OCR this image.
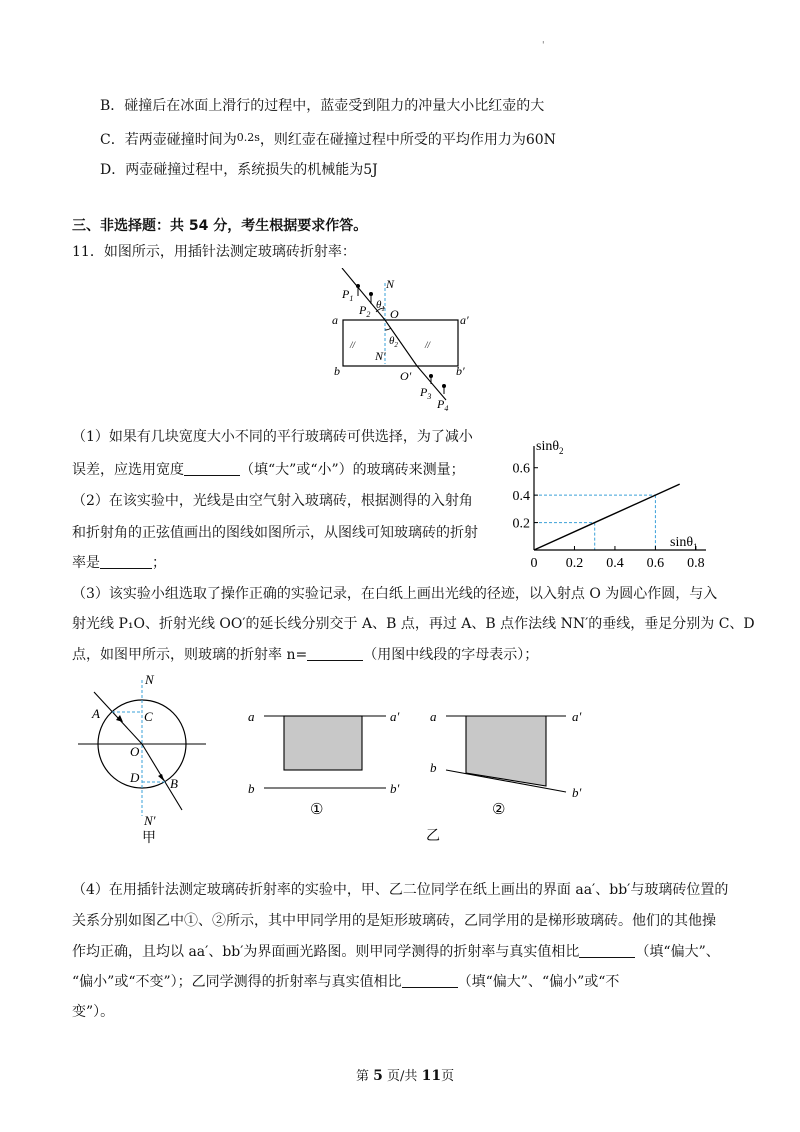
'
B．碰撞后在冰面上滑行的过程中，蓝壶受到阻力的冲量大小比红壶的大
C．若两壶碰撞时间为$^{0.2s}$，则红壶在碰撞过程中所受的平均作用力为60N
D．两壶碰撞过程中，系统损失的机械能为5J
三、非选择题：共 54 分，考生根据要求作答。
11．如图所示，用插针法测定玻璃砖折射率：
$P_1$
$P_2$
N
$\theta_1$ O
a	a′
//	//
$\theta_2$
N′
b	b′
O′
$P_3$
$P_4$
（1）如果有几块宽度大小不同的平行玻璃砖可供选择，为了减小
误差，应选用宽度	（填“大”或“小”）的玻璃砖来测量；
（2）在该实验中，光线是由空气射入玻璃砖，根据测得的入射角
和折射角的正弦值画出的图线如图所示，从图线可知玻璃砖的折射
率是	；	0 0.2 0.4 0.6 0.8
0.2
0.4
0.6
sinθ$_2$
sinθ$_1$
（3）该实验小组选取了操作正确的实验记录，在白纸上画出光线的径迹，以入射点 O 为圆心作圆，与入
射光线 P₁O、折射光线 OO′的延长线分别交于 A、B 点，再过 A、B 点作法线 NN′的垂线，垂足分别为 C、D
点，如图甲所示，则玻璃的折射率 n=	（用图中线段的字母表示）；
N
A	C
O
D B
N′
甲
a	a′
b	b′
①
a	a′
b
b′
②
乙
（4）在用插针法测定玻璃砖折射率的实验中，甲、乙二位同学在纸上画出的界面 aa′、bb′与玻璃砖位置的
关系分别如图乙中①、②所示，其中甲同学用的是矩形玻璃砖，乙同学用的是梯形玻璃砖。他们的其他操
作均正确，且均以 aa′、bb′为界面画光路图。则甲同学测得的折射率与真实值相比	（填“偏大”、
“偏小”或“不变”）；乙同学测得的折射率与真实值相比	（填“偏大”、“偏小”或“不
变”）。
第 5 页/共 11页
